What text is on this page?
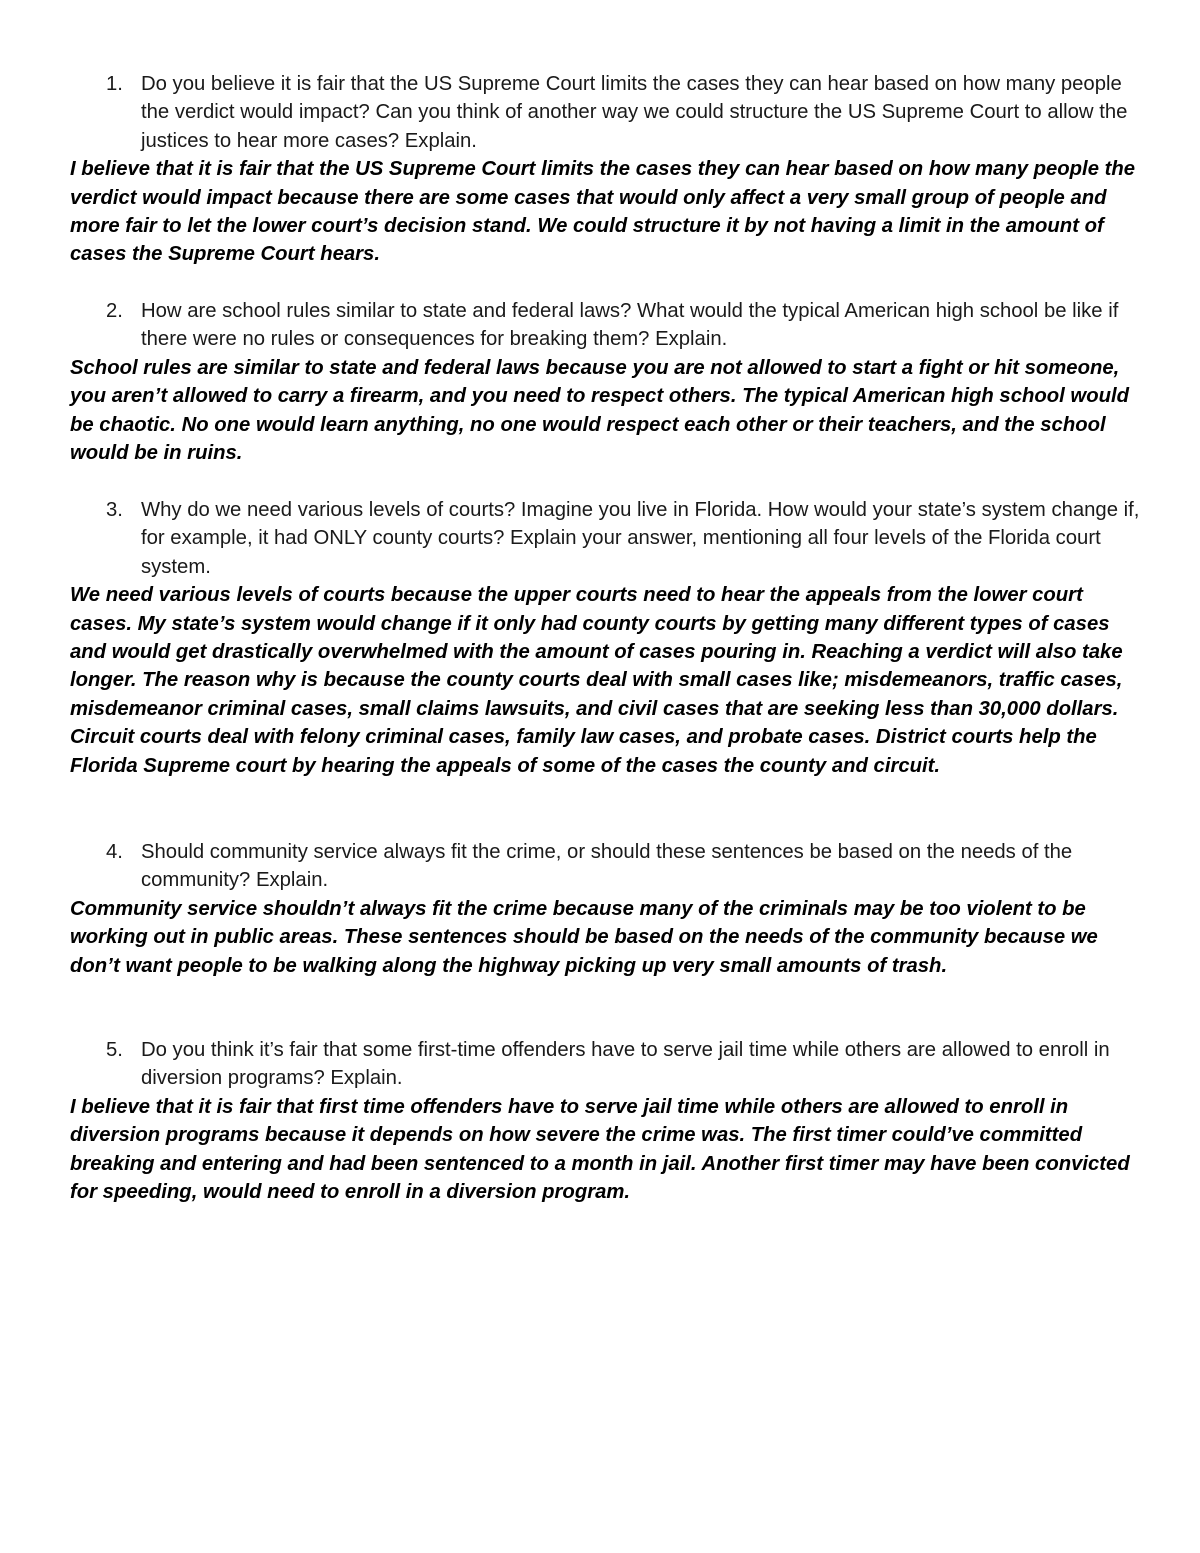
1. Do you believe it is fair that the US Supreme Court limits the cases they can hear based on how many people the verdict would impact? Can you think of another way we could structure the US Supreme Court to allow the justices to hear more cases? Explain.

I believe that it is fair that the US Supreme Court limits the cases they can hear based on how many people the verdict would impact because there are some cases that would only affect a very small group of people and more fair to let the lower court’s decision stand. We could structure it by not having a limit in the amount of cases the Supreme Court hears.

2. How are school rules similar to state and federal laws? What would the typical American high school be like if there were no rules or consequences for breaking them? Explain.

School rules are similar to state and federal laws because you are not allowed to start a fight or hit someone, you aren’t allowed to carry a firearm, and you need to respect others. The typical American high school would be chaotic. No one would learn anything, no one would respect each other or their teachers, and the school would be in ruins.

3. Why do we need various levels of courts? Imagine you live in Florida. How would your state’s system change if, for example, it had ONLY county courts? Explain your answer, mentioning all four levels of the Florida court system.

We need various levels of courts because the upper courts need to hear the appeals from the lower court cases. My state’s system would change if it only had county courts by getting many different types of cases and would get drastically overwhelmed with the amount of cases pouring in. Reaching a verdict will also take longer. The reason why is because the county courts deal with small cases like; misdemeanors, traffic cases, misdemeanor criminal cases, small claims lawsuits, and civil cases that are seeking less than 30,000 dollars. Circuit courts deal with felony criminal cases, family law cases, and probate cases. District courts help the Florida Supreme court by hearing the appeals of some of the cases the county and circuit.

4. Should community service always fit the crime, or should these sentences be based on the needs of the community? Explain.

Community service shouldn’t always fit the crime because many of the criminals may be too violent to be working out in public areas. These sentences should be based on the needs of the community because we don’t want people to be walking along the highway picking up very small amounts of trash.

5. Do you think it’s fair that some first-time offenders have to serve jail time while others are allowed to enroll in diversion programs? Explain.

I believe that it is fair that first time offenders have to serve jail time while others are allowed to enroll in diversion programs because it depends on how severe the crime was. The first timer could’ve committed breaking and entering and had been sentenced to a month in jail. Another first timer may have been convicted for speeding, would need to enroll in a diversion program.
